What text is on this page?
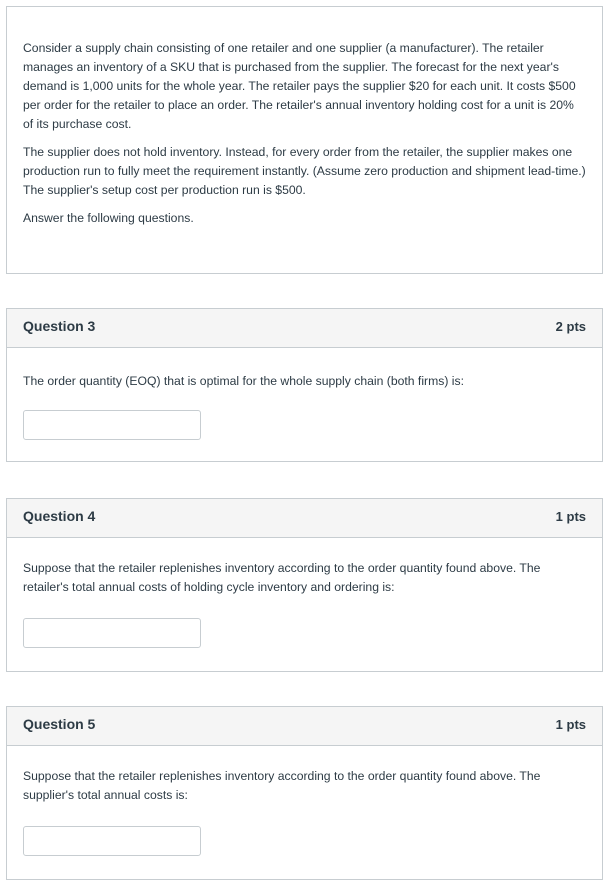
Consider a supply chain consisting of one retailer and one supplier (a manufacturer). The retailer manages an inventory of a SKU that is purchased from the supplier. The forecast for the next year's demand is 1,000 units for the whole year. The retailer pays the supplier $20 for each unit. It costs $500 per order for the retailer to place an order. The retailer's annual inventory holding cost for a unit is 20% of its purchase cost.

The supplier does not hold inventory. Instead, for every order from the retailer, the supplier makes one production run to fully meet the requirement instantly. (Assume zero production and shipment lead-time.) The supplier's setup cost per production run is $500.

Answer the following questions.

Question 3	2 pts

The order quantity (EOQ) that is optimal for the whole supply chain (both firms) is:

Question 4	1 pts

Suppose that the retailer replenishes inventory according to the order quantity found above. The retailer's total annual costs of holding cycle inventory and ordering is:

Question 5	1 pts

Suppose that the retailer replenishes inventory according to the order quantity found above. The supplier's total annual costs is:
